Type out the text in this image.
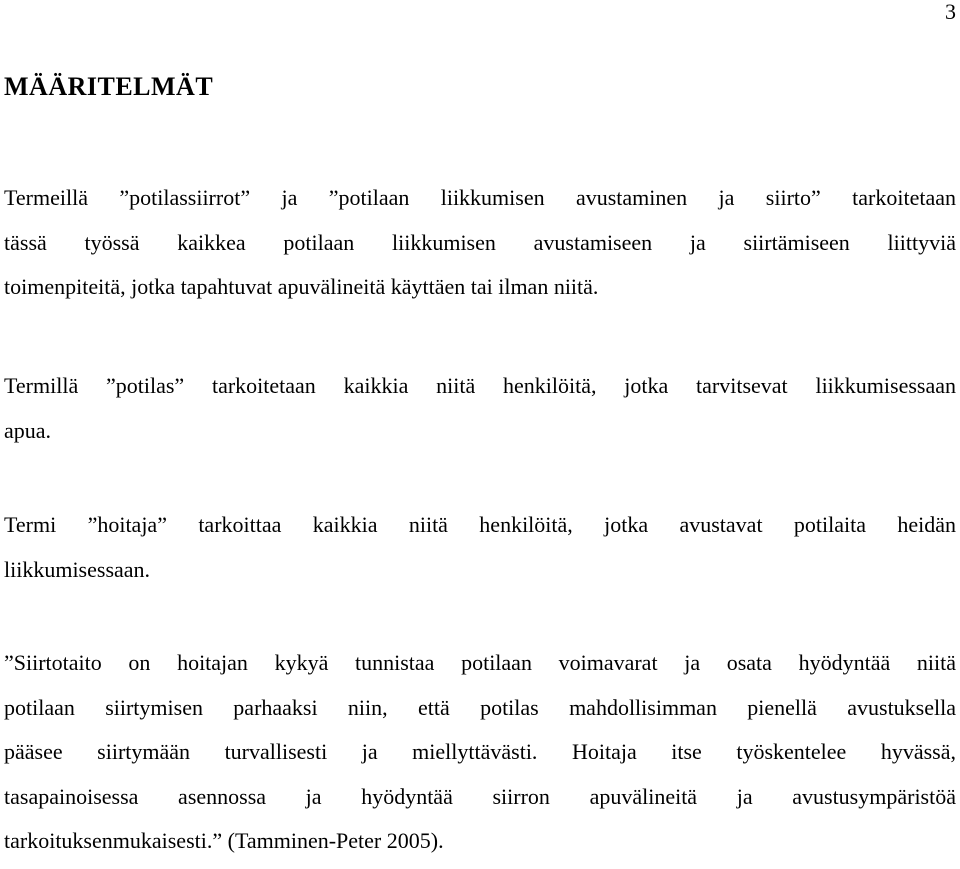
3
MÄÄRITELMÄT

Termeillä ”potilassiirrot” ja ”potilaan liikkumisen avustaminen ja siirto” tarkoitetaan
tässä työssä kaikkea potilaan liikkumisen avustamiseen ja siirtämiseen liittyviä
toimenpiteitä, jotka tapahtuvat apuvälineitä käyttäen tai ilman niitä.

Termillä ”potilas” tarkoitetaan kaikkia niitä henkilöitä, jotka tarvitsevat liikkumisessaan
apua.

Termi ”hoitaja” tarkoittaa kaikkia niitä henkilöitä, jotka avustavat potilaita heidän
liikkumisessaan.

”Siirtotaito on hoitajan kykyä tunnistaa potilaan voimavarat ja osata hyödyntää niitä
potilaan siirtymisen parhaaksi niin, että potilas mahdollisimman pienellä avustuksella
pääsee siirtymään turvallisesti ja miellyttävästi. Hoitaja itse työskentelee hyvässä,
tasapainoisessa asennossa ja hyödyntää siirron apuvälineitä ja avustusympäristöä
tarkoituksenmukaisesti.” (Tamminen-Peter 2005).
